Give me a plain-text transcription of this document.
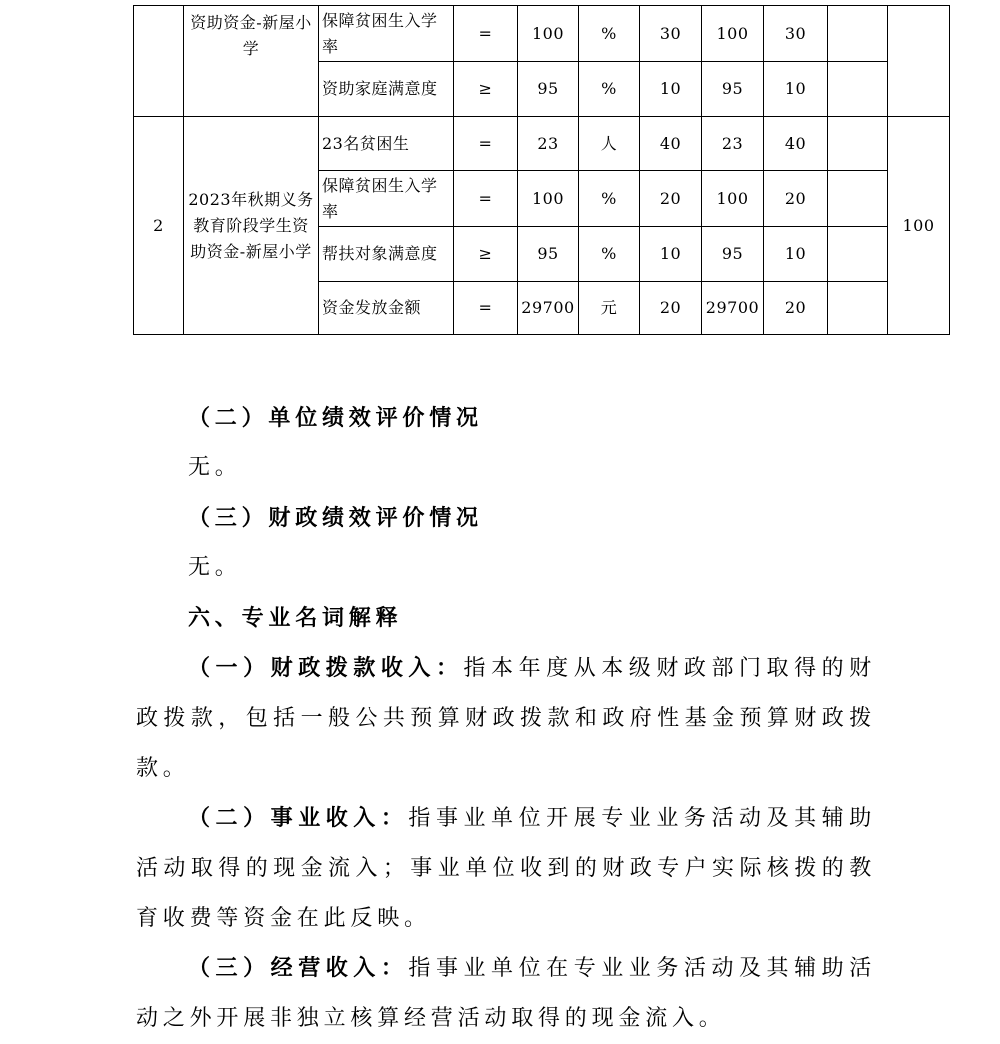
	资助资金-新屋小学	保障贫困生入学率	=	100	%	30	100	30		
		资助家庭满意度	≥	95	%	10	95	10		
2	2023年秋期义务教育阶段学生资助资金-新屋小学	23名贫困生	=	23	人	40	23	40		100
		保障贫困生入学率	=	100	%	20	100	20		
		帮扶对象满意度	≥	95	%	10	95	10		
		资金发放金额	=	29700	元	20	29700	20		

（二）单位绩效评价情况

无。

（三）财政绩效评价情况

无。

六、专业名词解释

（一）财政拨款收入：指本年度从本级财政部门取得的财政拨款，包括一般公共预算财政拨款和政府性基金预算财政拨款。

（二）事业收入：指事业单位开展专业业务活动及其辅助活动取得的现金流入；事业单位收到的财政专户实际核拨的教育收费等资金在此反映。

（三）经营收入：指事业单位在专业业务活动及其辅助活动之外开展非独立核算经营活动取得的现金流入。
